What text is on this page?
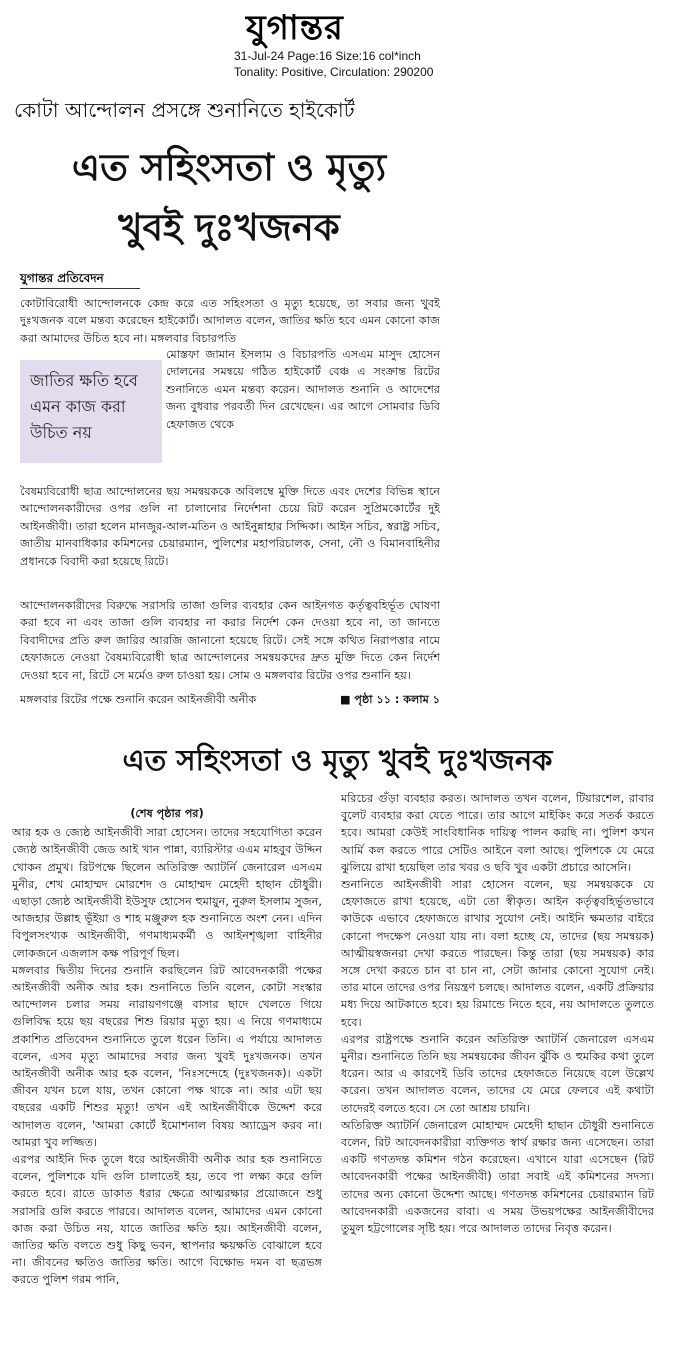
যুগান্তর
31-Jul-24 Page:16 Size:16 col*inch
Tonality: Positive, Circulation: 290200
কোটা আন্দোলন প্রসঙ্গে শুনানিতে হাইকোর্ট
এত সহিংসতা ও মৃত্যু
খুবই দুঃখজনক
যুগান্তর প্রতিবেদন

কোটাবিরোধী আন্দোলনকে কেন্দ্র করে এত সহিংসতা ও মৃত্যু হয়েছে, তা সবার জন্য খুবই দুঃখজনক বলে মন্তব্য করেছেন হাইকোর্ট। আদালত বলেন, জাতির ক্ষতি হবে এমন কোনো কাজ করা আমাদের উচিত হবে না। মঙ্গলবার বিচারপতি

জাতির ক্ষতি হবে এমন কাজ করা উচিত নয়

মোস্তফা জামান ইসলাম ও বিচারপতি এসএম মাসুদ হোসেন দোলনের সমন্বয়ে গঠিত হাইকোর্ট বেঞ্চ এ সংক্রান্ত রিটের শুনানিতে এমন মন্তব্য করেন। আদালত শুনানি ও আদেশের জন্য বুধবার পরবর্তী দিন রেখেছেন। এর আগে সোমবার ডিবি হেফাজত থেকে

বৈষম্যবিরোধী ছাত্র আন্দোলনের ছয় সমন্বয়ককে অবিলম্বে মুক্তি দিতে এবং দেশের বিভিন্ন স্থানে আন্দোলনকারীদের ওপর গুলি না চালানোর নির্দেশনা চেয়ে রিট করেন সুপ্রিমকোর্টের দুই আইনজীবী। তারা হলেন মানজুর-আল-মতিন ও আইনুন্নাহার সিদ্দিকা। আইন সচিব, স্বরাষ্ট্র সচিব, জাতীয় মানবাধিকার কমিশনের চেয়ারম্যান, পুলিশের মহাপরিচালক, সেনা, নৌ ও বিমানবাহিনীর প্রধানকে বিবাদী করা হয়েছে রিটে।

আন্দোলনকারীদের বিরুদ্ধে সরাসরি তাজা গুলির ব্যবহার কেন আইনগত কর্তৃত্ববহির্ভূত ঘোষণা করা হবে না এবং তাজা গুলি ব্যবহার না করার নির্দেশ কেন দেওয়া হবে না, তা জানতে বিবাদীদের প্রতি রুল জারির আরজি জানানো হয়েছে রিটে। সেই সঙ্গে কথিত নিরাপত্তার নামে হেফাজতে নেওয়া বৈষম্যবিরোধী ছাত্র আন্দোলনের সমন্বয়কদের দ্রুত মুক্তি দিতে কেন নির্দেশ দেওয়া হবে না, রিটে সে মর্মেও রুল চাওয়া হয়। সোম ও মঙ্গলবার রিটের ওপর শুনানি হয়।

মঙ্গলবার রিটের পক্ষে শুনানি করেন আইনজীবী অনীক	■ পৃষ্ঠা ১১ : কলাম ১
এত সহিংসতা ও মৃত্যু খুবই দুঃখজনক

(শেষ পৃষ্ঠার পর)

আর হক ও জ্যেষ্ঠ আইনজীবী সারা হোসেন। তাদের সহযোগিতা করেন জ্যেষ্ঠ আইনজীবী জেড আই খান পান্না, ব্যারিস্টার এএম মাহবুব উদ্দিন খোকন প্রমুখ। রিটপক্ষে ছিলেন অতিরিক্ত অ্যাটর্নি জেনারেল এসএম মুনীর, শেখ মোহাম্মদ মোরশেদ ও মোহাম্মদ মেহেদী হাছান চৌধুরী। এছাড়া জ্যেষ্ঠ আইনজীবী ইউসুফ হোসেন হুমায়ুন, নুরুল ইসলাম সুজন, আজহার উল্লাহ ভূঁইয়া ও শাহ মঞ্জুরুল হক শুনানিতে অংশ নেন। এদিন বিপুলসংখ্যক আইনজীবী, গণমাধ্যমকর্মী ও আইনশৃঙ্খলা বাহিনীর লোকজনে এজলাস কক্ষ পরিপূর্ণ ছিল।

মঙ্গলবার দ্বিতীয় দিনের শুনানি করছিলেন রিট আবেদনকারী পক্ষের আইনজীবী অনীক আর হক। শুনানিতে তিনি বলেন, কোটা সংস্কার আন্দোলন চলার সময় নারায়ণগঞ্জে বাসার ছাদে খেলতে গিয়ে গুলিবিদ্ধ হয়ে ছয় বছরের শিশু রিয়ার মৃত্যু হয়। এ নিয়ে গণমাধ্যমে প্রকাশিত প্রতিবেদন শুনানিতে তুলে ধরেন তিনি। এ পর্যায়ে আদালত বলেন, এসব মৃত্যু আমাদের সবার জন্য খুবই দুঃখজনক। তখন আইনজীবী অনীক আর হক বলেন, 'নিঃসন্দেহে (দুঃখজনক)। একটা জীবন যখন চলে যায়, তখন কোনো পক্ষ থাকে না। আর এটা ছয় বছরের একটি শিশুর মৃত্যু! তখন এই আইনজীবীকে উদ্দেশ করে আদালত বলেন, 'আমরা কোর্টে ইমোশনাল বিষয় অ্যাড্রেস করব না। আমরা খুব লজ্জিত।

এরপর আইনি দিক তুলে ধরে আইনজীবী অনীক আর হক শুনানিতে বলেন, পুলিশকে যদি গুলি চালাতেই হয়, তবে পা লক্ষ্য করে গুলি করতে হবে। রাতে ডাকাত ধরার ক্ষেত্রে আত্মরক্ষার প্রয়োজনে শুধু সরাসরি গুলি করতে পারবে। আদালত বলেন, আমাদের এমন কোনো কাজ করা উচিত নয়, যাতে জাতির ক্ষতি হয়। আইনজীবী বলেন, জাতির ক্ষতি বলতে শুধু কিছু ভবন, স্থাপনার ক্ষয়ক্ষতি বোঝালে হবে না। জীবনের ক্ষতিও জাতির ক্ষতি। আগে বিক্ষোভ দমন বা ছত্রভঙ্গ করতে পুলিশ গরম পানি,

মরিচের গুঁড়া ব্যবহার করত। আদালত তখন বলেন, টিয়ারশেল, রাবার বুলেট ব্যবহার করা যেতে পারে। তার আগে মাইকিং করে সতর্ক করতে হবে। আমরা কেউই সাংবিধানিক দায়িত্ব পালন করছি না। পুলিশ কখন আর্মি কল করতে পারে সেটিও আইনে বলা আছে। পুলিশকে যে মেরে ঝুলিয়ে রাখা হয়েছিল তার খবর ও ছবি খুব একটা প্রচারে আসেনি।

শুনানিতে আইনজীবী সারা হোসেন বলেন, ছয় সমন্বয়ককে যে হেফাজতে রাখা হয়েছে, এটা তো স্বীকৃত। আইন কর্তৃত্ববহির্ভূতভাবে কাউকে এভাবে হেফাজতে রাখার সুযোগ নেই। আইনি ক্ষমতার বাইরে কোনো পদক্ষেপ নেওয়া যায় না। বলা হচ্ছে যে, তাদের (ছয় সমন্বয়ক) আত্মীয়স্বজনরা দেখা করতে পারছেন। কিন্তু তারা (ছয় সমন্বয়ক) কার সঙ্গে দেখা করতে চান বা চান না, সেটা জানার কোনো সুযোগ নেই। তার মানে তাদের ওপর নিয়ন্ত্রণ চলছে। আদালত বলেন, একটি প্রক্রিয়ার মধ্য দিয়ে আটকাতে হবে। হয় রিমান্ডে নিতে হবে, নয় আদালতে তুলতে হবে।

এরপর রাষ্ট্রপক্ষে শুনানি করেন অতিরিক্ত অ্যাটর্নি জেনারেল এসএম মুনীর। শুনানিতে তিনি ছয় সমন্বয়কের জীবন ঝুঁকি ও হুমকির কথা তুলে ধরেন। আর এ কারণেই ডিবি তাদের হেফাজতে নিয়েছে বলে উল্লেখ করেন। তখন আদালত বলেন, তাদের যে মেরে ফেলবে এই কথাটা তাদেরই বলতে হবে। সে তো আশ্রয় চায়নি।

অতিরিক্ত অ্যাটর্নি জেনারেল মোহাম্মদ মেহেদী হাছান চৌধুরী শুনানিতে বলেন, রিট আবেদনকারীরা ব্যক্তিগত স্বার্থ রক্ষার জন্য এসেছেন। তারা একটি গণতদন্ত কমিশন গঠন করেছেন। এখানে যারা এসেছেন (রিট আবেদনকারী পক্ষের আইনজীবী) তারা সবাই এই কমিশনের সদস্য। তাদের অন্য কোনো উদ্দেশ্য আছে। গণতদন্ত কমিশনের চেয়ারম্যান রিট আবেদনকারী একজনের বাবা। এ সময় উভয়পক্ষের আইনজীবীদের তুমুল হট্টগোলের সৃষ্টি হয়। পরে আদালত তাদের নিবৃত্ত করেন।
